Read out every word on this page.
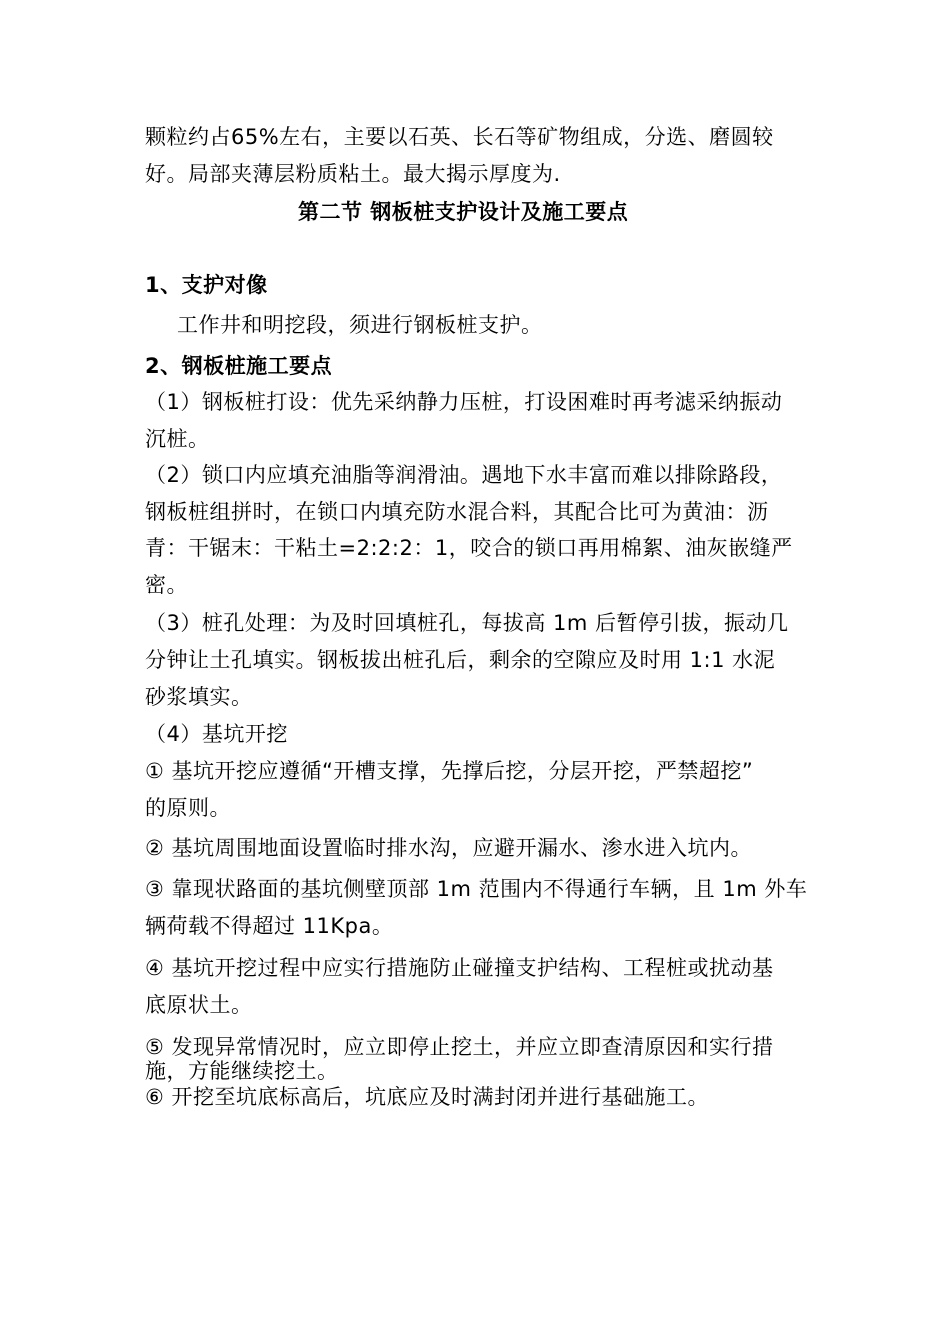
颗粒约占65%左右，主要以石英、长石等矿物组成，分选、磨圆较
好。局部夹薄层粉质粘土。最大揭示厚度为.
第二节 钢板桩支护设计及施工要点
1、支护对像
工作井和明挖段，须进行钢板桩支护。
2、钢板桩施工要点
（1）钢板桩打设：优先采纳静力压桩，打设困难时再考滤采纳振动
沉桩。
（2）锁口内应填充油脂等润滑油。遇地下水丰富而难以排除路段，
钢板桩组拼时，在锁口内填充防水混合料，其配合比可为黄油：沥
青：干锯末：干粘土=2:2:2：1，咬合的锁口再用棉絮、油灰嵌缝严
密。
（3）桩孔处理：为及时回填桩孔，每拔高 1m 后暂停引拔，振动几
分钟让土孔填实。钢板拔出桩孔后，剩余的空隙应及时用 1:1 水泥
砂浆填实。
（4）基坑开挖
① 基坑开挖应遵循“开槽支撑，先撑后挖，分层开挖，严禁超挖”
的原则。
② 基坑周围地面设置临时排水沟，应避开漏水、渗水进入坑内。
③ 靠现状路面的基坑侧壁顶部 1m 范围内不得通行车辆，且 1m 外车
辆荷载不得超过 11Kpa。
④ 基坑开挖过程中应实行措施防止碰撞支护结构、工程桩或扰动基
底原状土。
⑤ 发现异常情况时，应立即停止挖土，并应立即查清原因和实行措
施，方能继续挖土。
⑥ 开挖至坑底标高后，坑底应及时满封闭并进行基础施工。
